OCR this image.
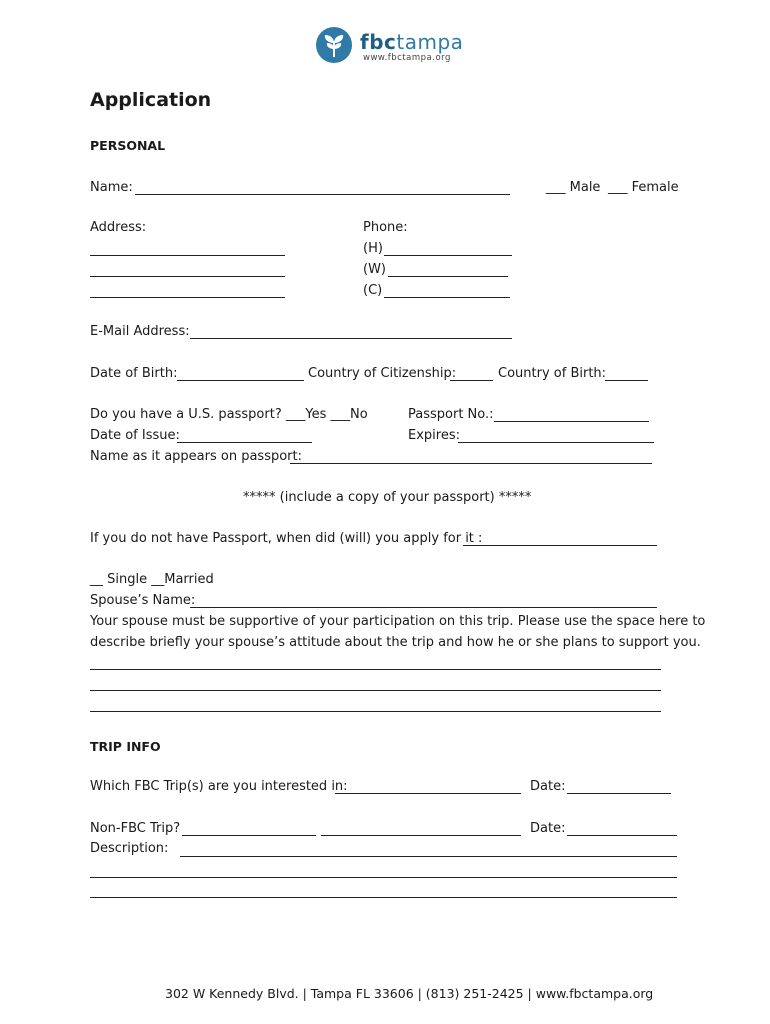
fbctampa
www.fbctampa.org
Application
PERSONAL
Name:	___ Male ___ Female
Address:	Phone:
(H)
(W)
(C)
E-Mail Address:
Date of Birth:	Country of Citizenship:	Country of Birth:
Do you have a U.S. passport? ___Yes ___No	Passport No.:
Date of Issue:	Expires:
Name as it appears on passport:
***** (include a copy of your passport) *****
If you do not have Passport, when did (will) you apply for it :
__ Single __Married
Spouse’s Name:
Your spouse must be supportive of your participation on this trip. Please use the space here to
describe briefly your spouse’s attitude about the trip and how he or she plans to support you.
TRIP INFO
Which FBC Trip(s) are you interested in:	Date:
Non-FBC Trip?	Date:
Description:
302 W Kennedy Blvd. | Tampa FL 33606 | (813) 251-2425 | www.fbctampa.org
